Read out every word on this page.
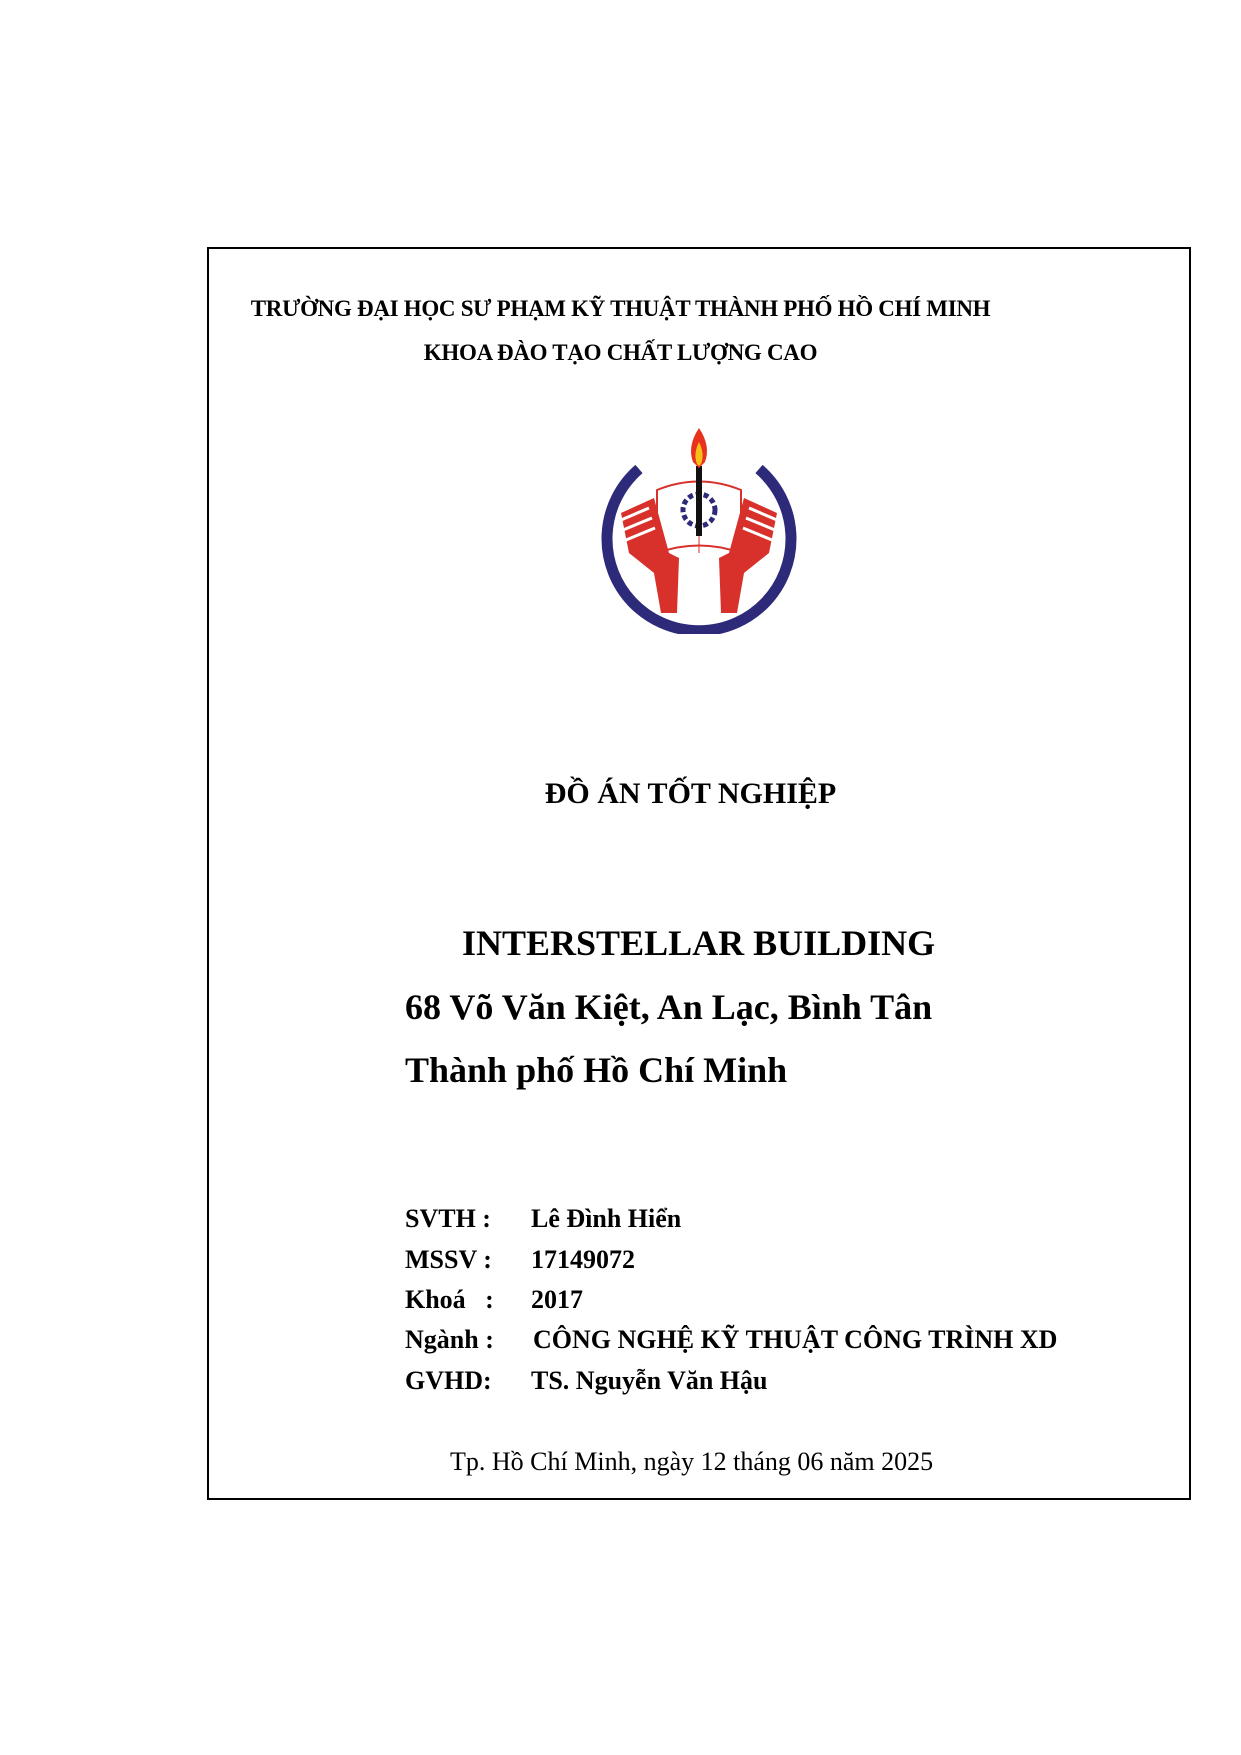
TRƯỜNG ĐẠI HỌC SƯ PHẠM KỸ THUẬT THÀNH PHỐ HỒ CHÍ MINH
KHOA ĐÀO TẠO CHẤT LƯỢNG CAO
ĐỒ ÁN TỐT NGHIỆP
INTERSTELLAR BUILDING
68 Võ Văn Kiệt, An Lạc, Bình Tân
Thành phố Hồ Chí Minh
SVTH : Lê Đình Hiển
MSSV : 17149072
Khoá   : 2017
Ngành : CÔNG NGHỆ KỸ THUẬT CÔNG TRÌNH XD
GVHD: TS. Nguyễn Văn Hậu
Tp. Hồ Chí Minh, ngày 12 tháng 06 năm 2025
